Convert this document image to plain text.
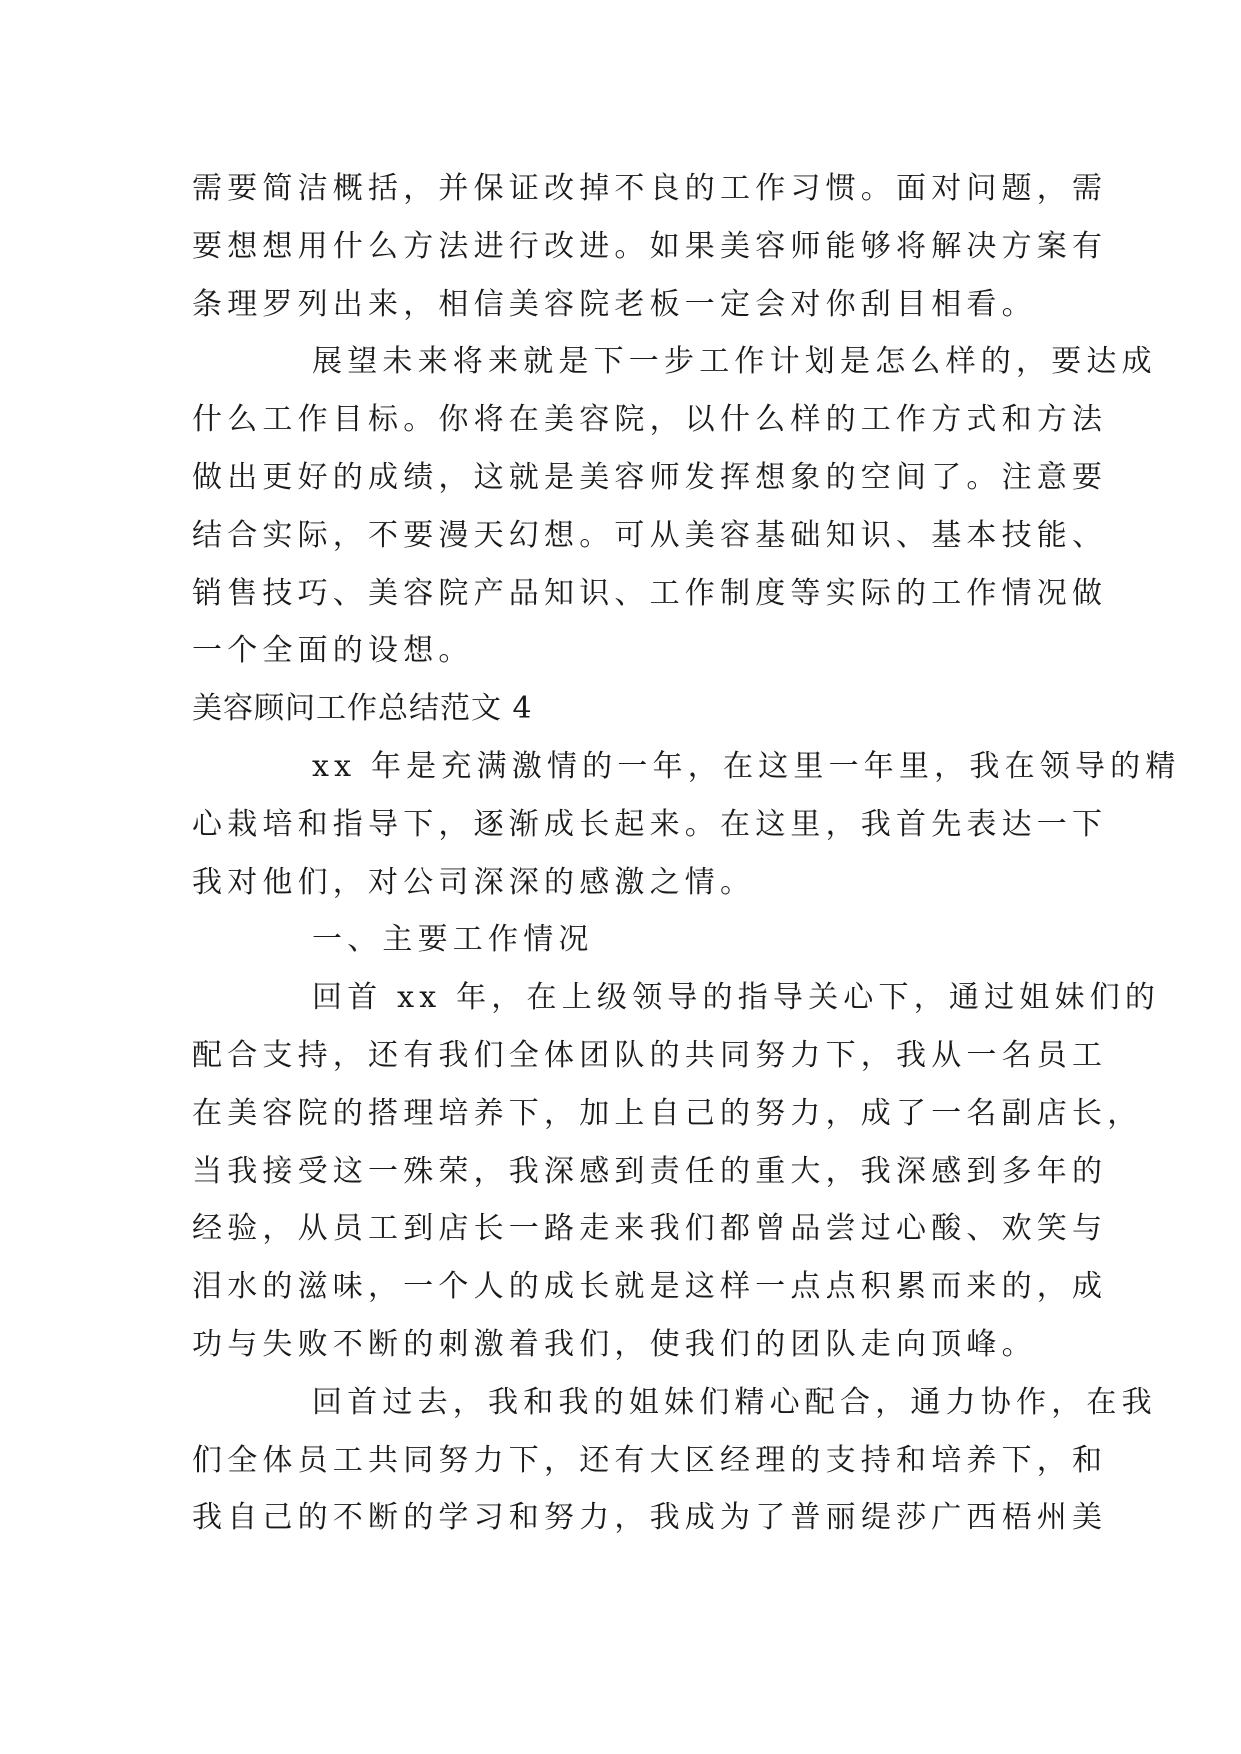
需要简洁概括，并保证改掉不良的工作习惯。面对问题，需
要想想用什么方法进行改进。如果美容师能够将解决方案有
条理罗列出来，相信美容院老板一定会对你刮目相看。
展望未来将来就是下一步工作计划是怎么样的，要达成
什么工作目标。你将在美容院，以什么样的工作方式和方法
做出更好的成绩，这就是美容师发挥想象的空间了。注意要
结合实际，不要漫天幻想。可从美容基础知识、基本技能、
销售技巧、美容院产品知识、工作制度等实际的工作情况做
一个全面的设想。
美容顾问工作总结范文 4
xx 年是充满激情的一年，在这里一年里，我在领导的精
心栽培和指导下，逐渐成长起来。在这里，我首先表达一下
我对他们，对公司深深的感激之情。
一、主要工作情况
回首 xx 年，在上级领导的指导关心下，通过姐妹们的
配合支持，还有我们全体团队的共同努力下，我从一名员工
在美容院的搭理培养下，加上自己的努力，成了一名副店长，
当我接受这一殊荣，我深感到责任的重大，我深感到多年的
经验，从员工到店长一路走来我们都曾品尝过心酸、欢笑与
泪水的滋味，一个人的成长就是这样一点点积累而来的，成
功与失败不断的刺激着我们，使我们的团队走向顶峰。
回首过去，我和我的姐妹们精心配合，通力协作，在我
们全体员工共同努力下，还有大区经理的支持和培养下，和
我自己的不断的学习和努力，我成为了普丽缇莎广西梧州美
